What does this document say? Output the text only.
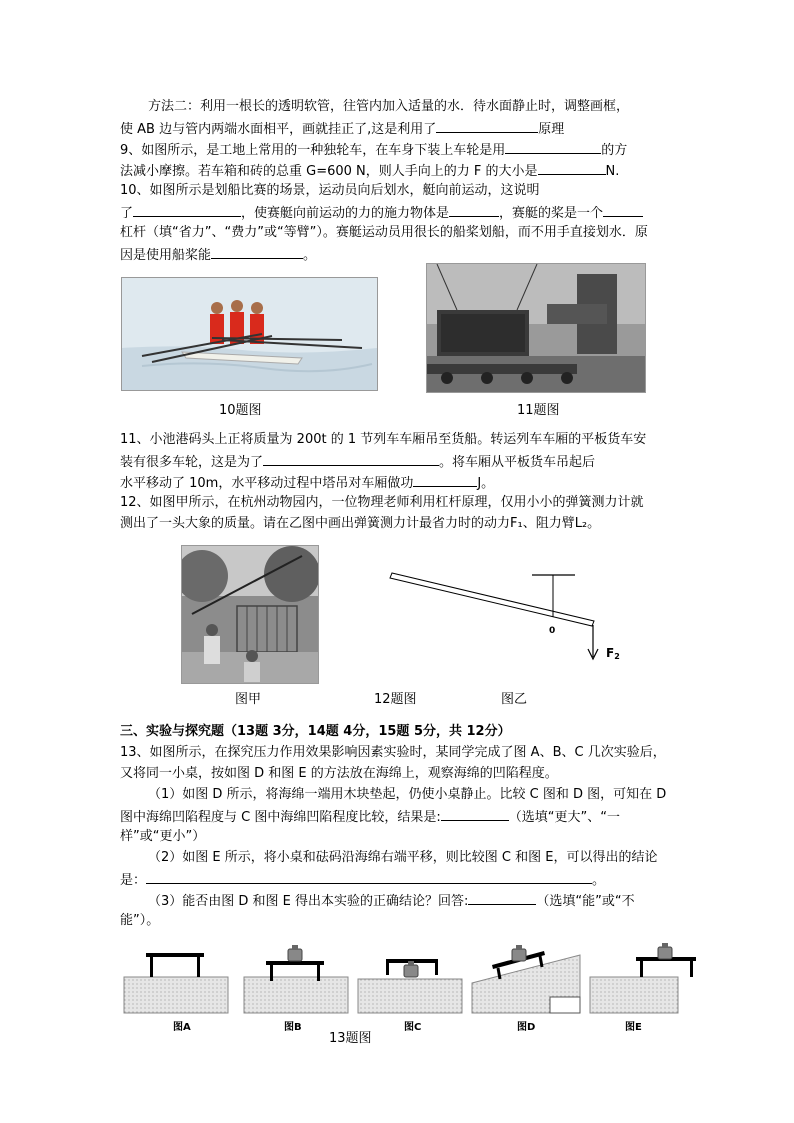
方法二：利用一根长的透明软管，往管内加入适量的水．待水面静止时，调整画框，
使 AB 边与管内两端水面相平，画就挂正了,这是利用了	原理
9、如图所示，是工地上常用的一种独轮车，在车身下装上车轮是用	的方
法减小摩擦。若车箱和砖的总重 G=600 N，则人手向上的力 F 的大小是	N.
10、如图所示是划船比赛的场景，运动员向后划水，艇向前运动，这说明
了	，使赛艇向前运动的力的施力物体是	，赛艇的桨是一个
杠杆（填“省力”、“费力”或“等臂”）。赛艇运动员用很长的船桨划船，而不用手直接划水．原
因是使用船桨能	。
10题图	11题图
11、小池港码头上正将质量为 200t 的 1 节列车车厢吊至货船。转运列车车厢的平板货车安
装有很多车轮，这是为了	。将车厢从平板货车吊起后
水平移动了 10m，水平移动过程中塔吊对车厢做功	J。
12、如图甲所示，在杭州动物园内，一位物理老师利用杠杆原理，仅用小小的弹簧测力计就
测出了一头大象的质量。请在乙图中画出弹簧测力计最省力时的动力F₁、阻力臂L₂。
0
F2
图甲	12题图	图乙
三、实验与探究题（13题 3分，14题 4分，15题 5分，共 12分）
13、如图所示，在探究压力作用效果影响因素实验时，某同学完成了图 A、B、C 几次实验后，
又将同一小桌，按如图 D 和图 E 的方法放在海绵上，观察海绵的凹陷程度。
（1）如图 D 所示，将海绵一端用木块垫起，仍使小桌静止。比较 C 图和 D 图，可知在 D
图中海绵凹陷程度与 C 图中海绵凹陷程度比较，结果是:	（选填“更大”、“一
样”或“更小”）
（2）如图 E 所示，将小桌和砝码沿海绵右端平移，则比较图 C 和图 E，可以得出的结论
是：	。
（3）能否由图 D 和图 E 得出本实验的正确结论？回答:	（选填“能”或“不
能”）。
图A	图B	图C	图D	图E
13题图
